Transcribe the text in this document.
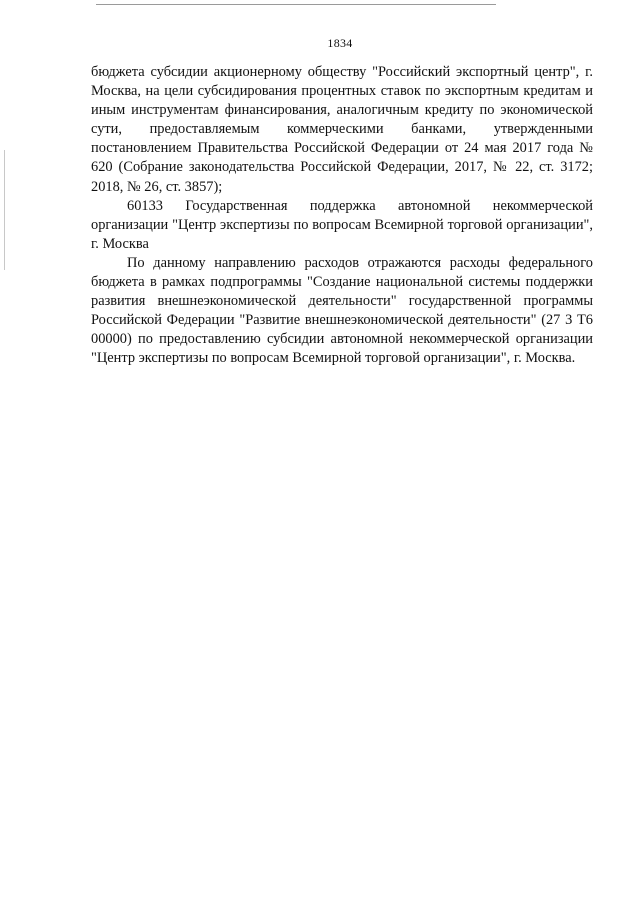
1834

бюджета субсидии акционерному обществу "Российский экспортный центр", г. Москва, на цели субсидирования процентных ставок по экспортным кредитам и иным инструментам финансирования, аналогичным кредиту по экономической сути, предоставляемым коммерческими банками, утвержденными постановлением Правительства Российской Федерации от 24 мая 2017 года № 620 (Собрание законодательства Российской Федерации, 2017, № 22, ст. 3172; 2018, № 26, ст. 3857);

60133 Государственная поддержка автономной некоммерческой организации "Центр экспертизы по вопросам Всемирной торговой организации", г. Москва

По данному направлению расходов отражаются расходы федерального бюджета в рамках подпрограммы "Создание национальной системы поддержки развития внешнеэкономической деятельности" государственной программы Российской Федерации "Развитие внешнеэкономической деятельности" (27 3 Т6 00000) по предоставлению субсидии автономной некоммерческой организации "Центр экспертизы по вопросам Всемирной торговой организации", г. Москва.
